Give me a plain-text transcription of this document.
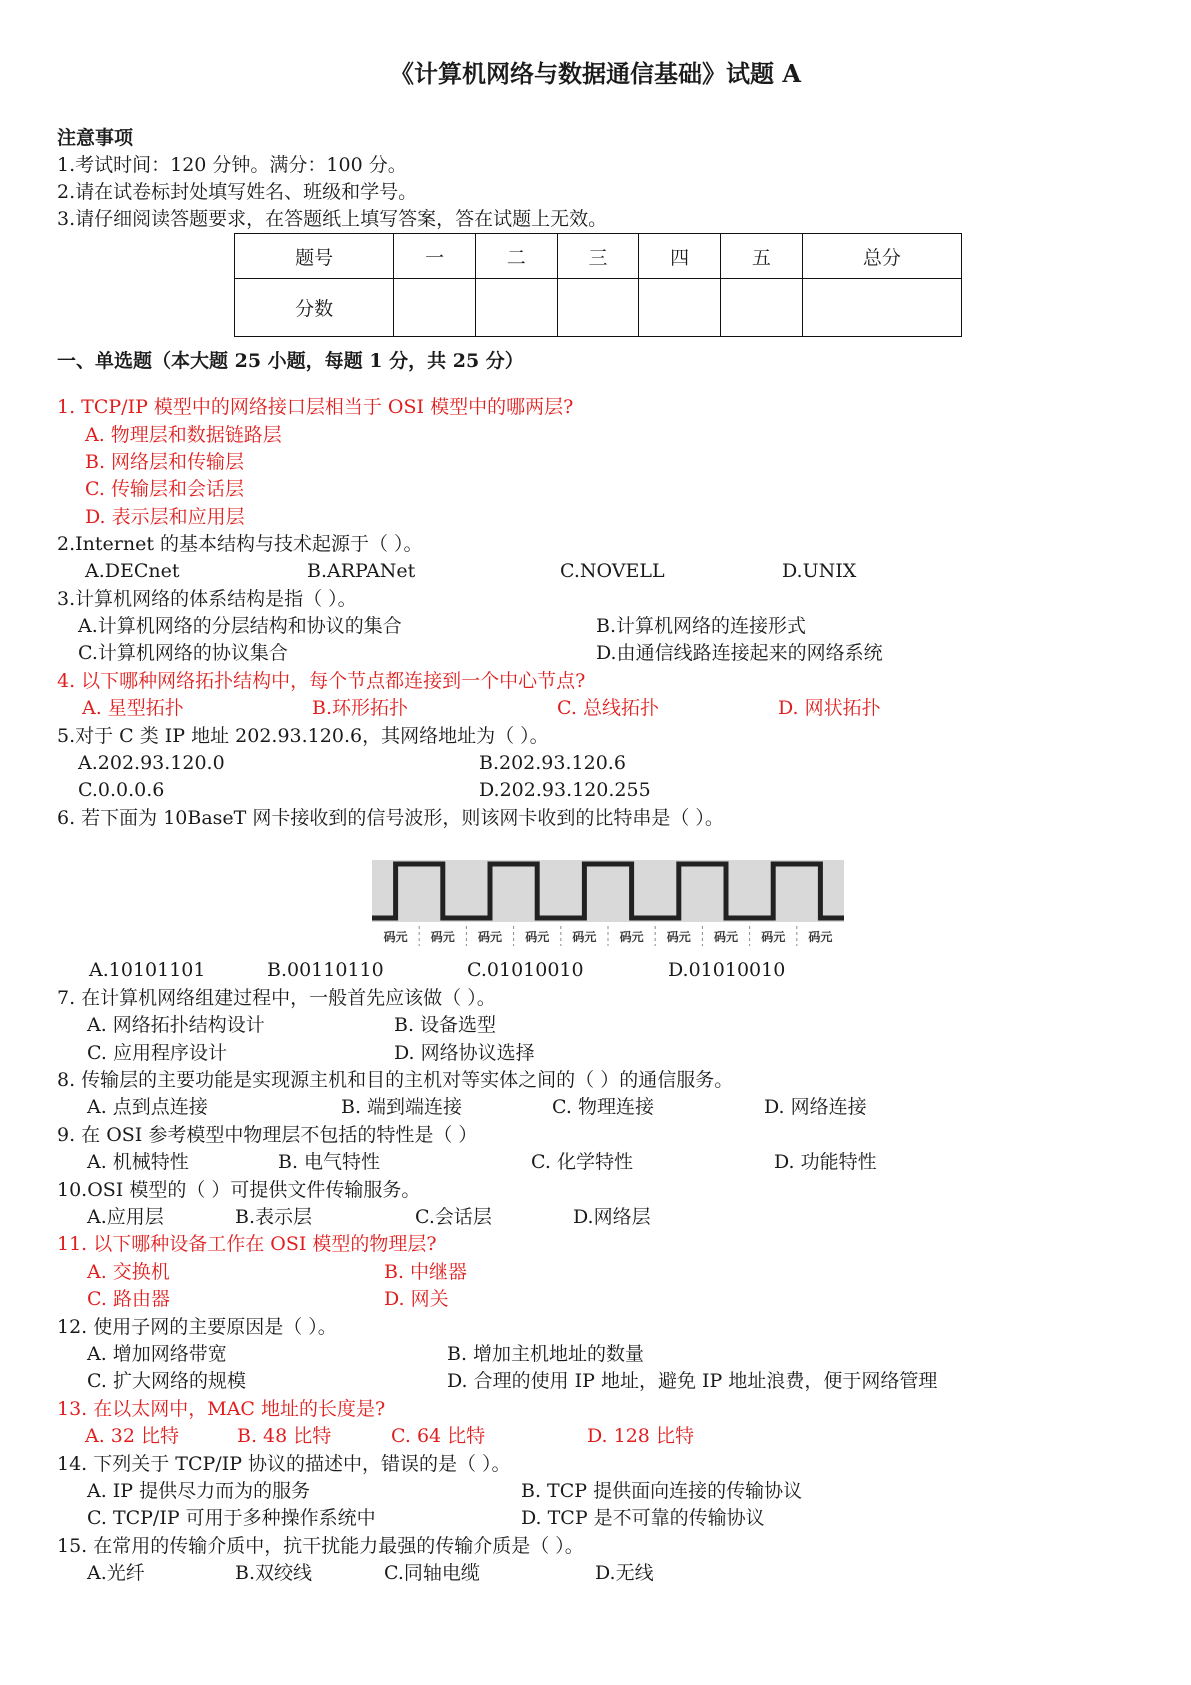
《计算机网络与数据通信基础》试题 A
注意事项
1.考试时间：120 分钟。满分：100 分。
2.请在试卷标封处填写姓名、班级和学号。
3.请仔细阅读答题要求，在答题纸上填写答案，答在试题上无效。
题号	一	二	三	四	五	总分
分数						
一、单选题（本大题 25 小题，每题 1 分，共 25 分）
1. TCP/IP 模型中的网络接口层相当于 OSI 模型中的哪两层?
A. 物理层和数据链路层
B. 网络层和传输层
C. 传输层和会话层
D. 表示层和应用层
2.Internet 的基本结构与技术起源于（ ）。
A.DECnet	B.ARPANet	C.NOVELL	D.UNIX
3.计算机网络的体系结构是指（ ）。
A.计算机网络的分层结构和协议的集合	B.计算机网络的连接形式
C.计算机网络的协议集合	D.由通信线路连接起来的网络系统
4. 以下哪种网络拓扑结构中，每个节点都连接到一个中心节点?
A. 星型拓扑	B.环形拓扑	C. 总线拓扑	D. 网状拓扑
5.对于 C 类 IP 地址 202.93.120.6，其网络地址为（ ）。
A.202.93.120.0	B.202.93.120.6
C.0.0.0.6	D.202.93.120.255
6. 若下面为 10BaseT 网卡接收到的信号波形，则该网卡收到的比特串是（ ）。
码元 码元 码元 码元 码元 码元 码元 码元 码元 码元
A.10101101	B.00110110	C.01010010	D.01010010
7. 在计算机网络组建过程中，一般首先应该做（ ）。
A. 网络拓扑结构设计	B. 设备选型
C. 应用程序设计	D. 网络协议选择
8. 传输层的主要功能是实现源主机和目的主机对等实体之间的（ ）的通信服务。
A. 点到点连接	B. 端到端连接	C. 物理连接	D. 网络连接
9. 在 OSI 参考模型中物理层不包括的特性是（ ）
A. 机械特性	B. 电气特性	C. 化学特性	D. 功能特性
10.OSI 模型的（ ）可提供文件传输服务。
A.应用层	B.表示层	C.会话层	D.网络层
11. 以下哪种设备工作在 OSI 模型的物理层?
A. 交换机	B. 中继器
C. 路由器	D. 网关
12. 使用子网的主要原因是（ ）。
A. 增加网络带宽	B. 增加主机地址的数量
C. 扩大网络的规模	D. 合理的使用 IP 地址，避免 IP 地址浪费，便于网络管理
13. 在以太网中，MAC 地址的长度是?
A. 32 比特	B. 48 比特	C. 64 比特	D. 128 比特
14. 下列关于 TCP/IP 协议的描述中，错误的是（ ）。
A. IP 提供尽力而为的服务	B. TCP 提供面向连接的传输协议
C. TCP/IP 可用于多种操作系统中	D. TCP 是不可靠的传输协议
15. 在常用的传输介质中，抗干扰能力最强的传输介质是（ ）。
A.光纤	B.双绞线	C.同轴电缆	D.无线
